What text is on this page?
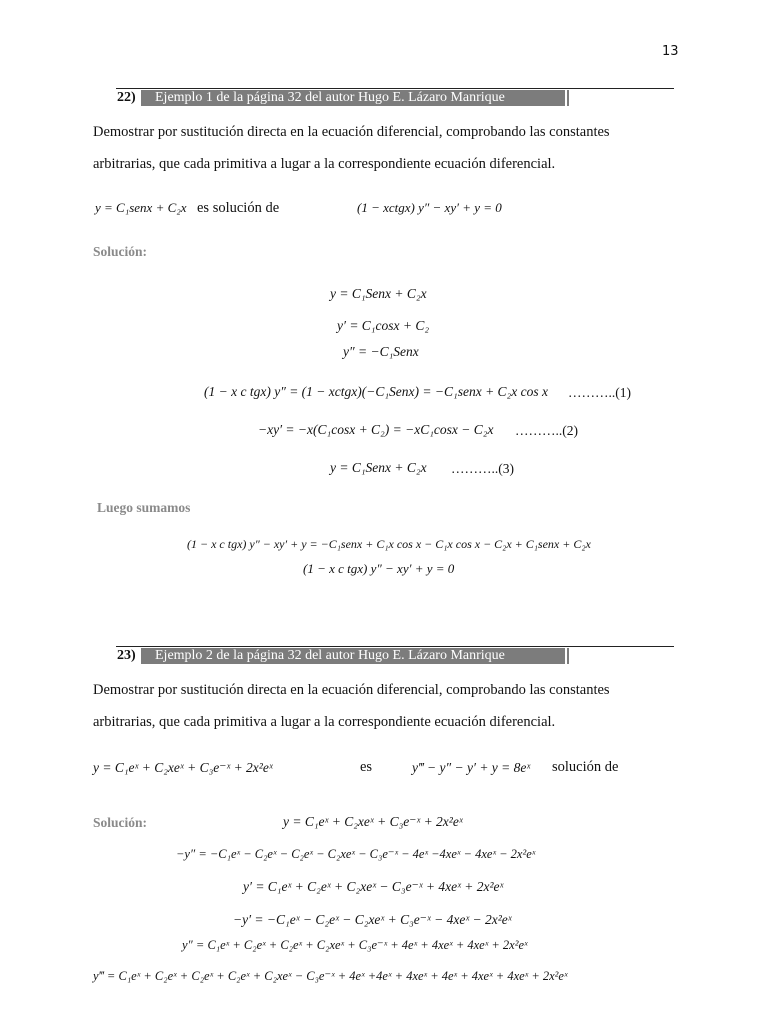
13
22)	Ejemplo 1 de la página 32 del autor Hugo E. Lázaro Manrique
Demostrar por sustitución directa en la ecuación diferencial, comprobando las constantes
arbitrarias, que cada primitiva a lugar a la correspondiente ecuación diferencial.
y = C₁senx + C₂x es solución de	(1 − xctgx) y″ − xy′ + y = 0
Solución:
y = C₁Senx + C₂x
y′ = C₁cosx + C₂
y″ = −C₁Senx
(1 − x c tgx) y″ = (1 − xctgx)(−C₁Senx) = −C₁senx + C₂x cos x ………..(1)
−xy′ = −x(C₁cosx + C₂) = −xC₁cosx − C₂x ………..(2)
y = C₁Senx + C₂x ………..(3)
Luego sumamos
(1 − x c tgx) y″ − xy′ + y = −C₁senx + C₁x cos x − C₁x cos x − C₂x + C₁senx + C₂x
(1 − x c tgx) y″ − xy′ + y = 0
23)	Ejemplo 2 de la página 32 del autor Hugo E. Lázaro Manrique
Demostrar por sustitución directa en la ecuación diferencial, comprobando las constantes
arbitrarias, que cada primitiva a lugar a la correspondiente ecuación diferencial.
y = C₁eˣ + C₂xeˣ + C₃e⁻ˣ + 2x²eˣ	es	y‴ − y″ − y′ + y = 8eˣ solución de
Solución:	y = C₁eˣ + C₂xeˣ + C₃e⁻ˣ + 2x²eˣ
−y″ = −C₁eˣ − C₂eˣ − C₂eˣ − C₂xeˣ − C₃e⁻ˣ − 4eˣ −4xeˣ − 4xeˣ − 2x²eˣ
y′ = C₁eˣ + C₂eˣ + C₂xeˣ − C₃e⁻ˣ + 4xeˣ + 2x²eˣ
−y′ = −C₁eˣ − C₂eˣ − C₂xeˣ + C₃e⁻ˣ − 4xeˣ − 2x²eˣ
y″ = C₁eˣ + C₂eˣ + C₂eˣ + C₂xeˣ + C₃e⁻ˣ + 4eˣ + 4xeˣ + 4xeˣ + 2x²eˣ
y‴ = C₁eˣ + C₂eˣ + C₂eˣ + C₂eˣ + C₂xeˣ − C₃e⁻ˣ + 4eˣ +4eˣ + 4xeˣ + 4eˣ + 4xeˣ + 4xeˣ + 2x²eˣ
